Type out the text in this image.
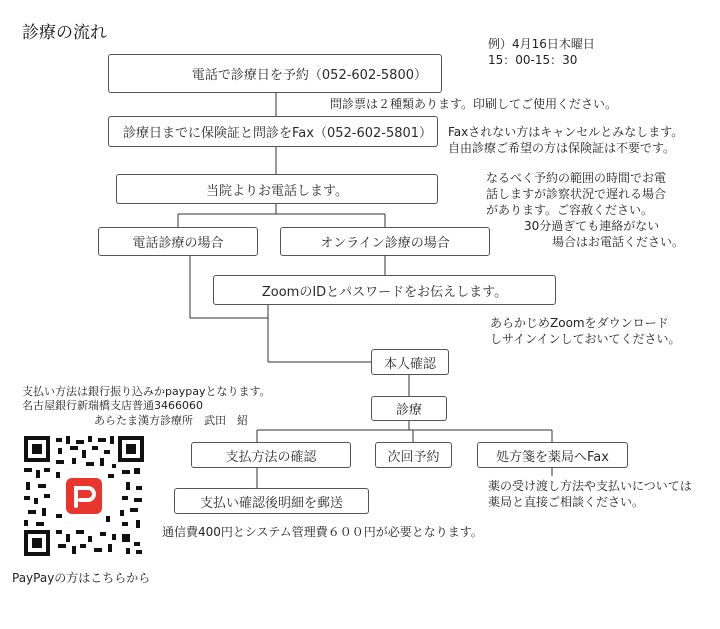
診療の流れ
例）4月16日木曜日
15：00-15：30
電話で診療日を予約（052-602-5800）
診療日までに保険証と問診をFax（052-602-5801）
当院よりお電話します。
電話診療の場合	オンライン診療の場合
ZoomのIDとパスワードをお伝えします。
本人確認
診療
支払方法の確認	次回予約	処方箋を薬局へFax
支払い確認後明細を郵送
問診票は２種類あります。印刷してご使用ください。
Faxされない方はキャンセルとみなします。
自由診療ご希望の方は保険証は不要です。
なるべく予約の範囲の時間でお電
話しますが診察状況で遅れる場合
があります。ご容赦ください。
30分過ぎても連絡がない
場合はお電話ください。
あらかじめZoomをダウンロード
しサインインしておいてください。
支払い方法は銀行振り込みかpaypayとなります。
名古屋銀行新瑞橋支店普通3466060
あらたま漢方診療所　武田　紹
薬の受け渡し方法や支払いについては
薬局と直接ご相談ください。
通信費400円とシステム管理費６００円が必要となります。
PayPayの方はこちらから
